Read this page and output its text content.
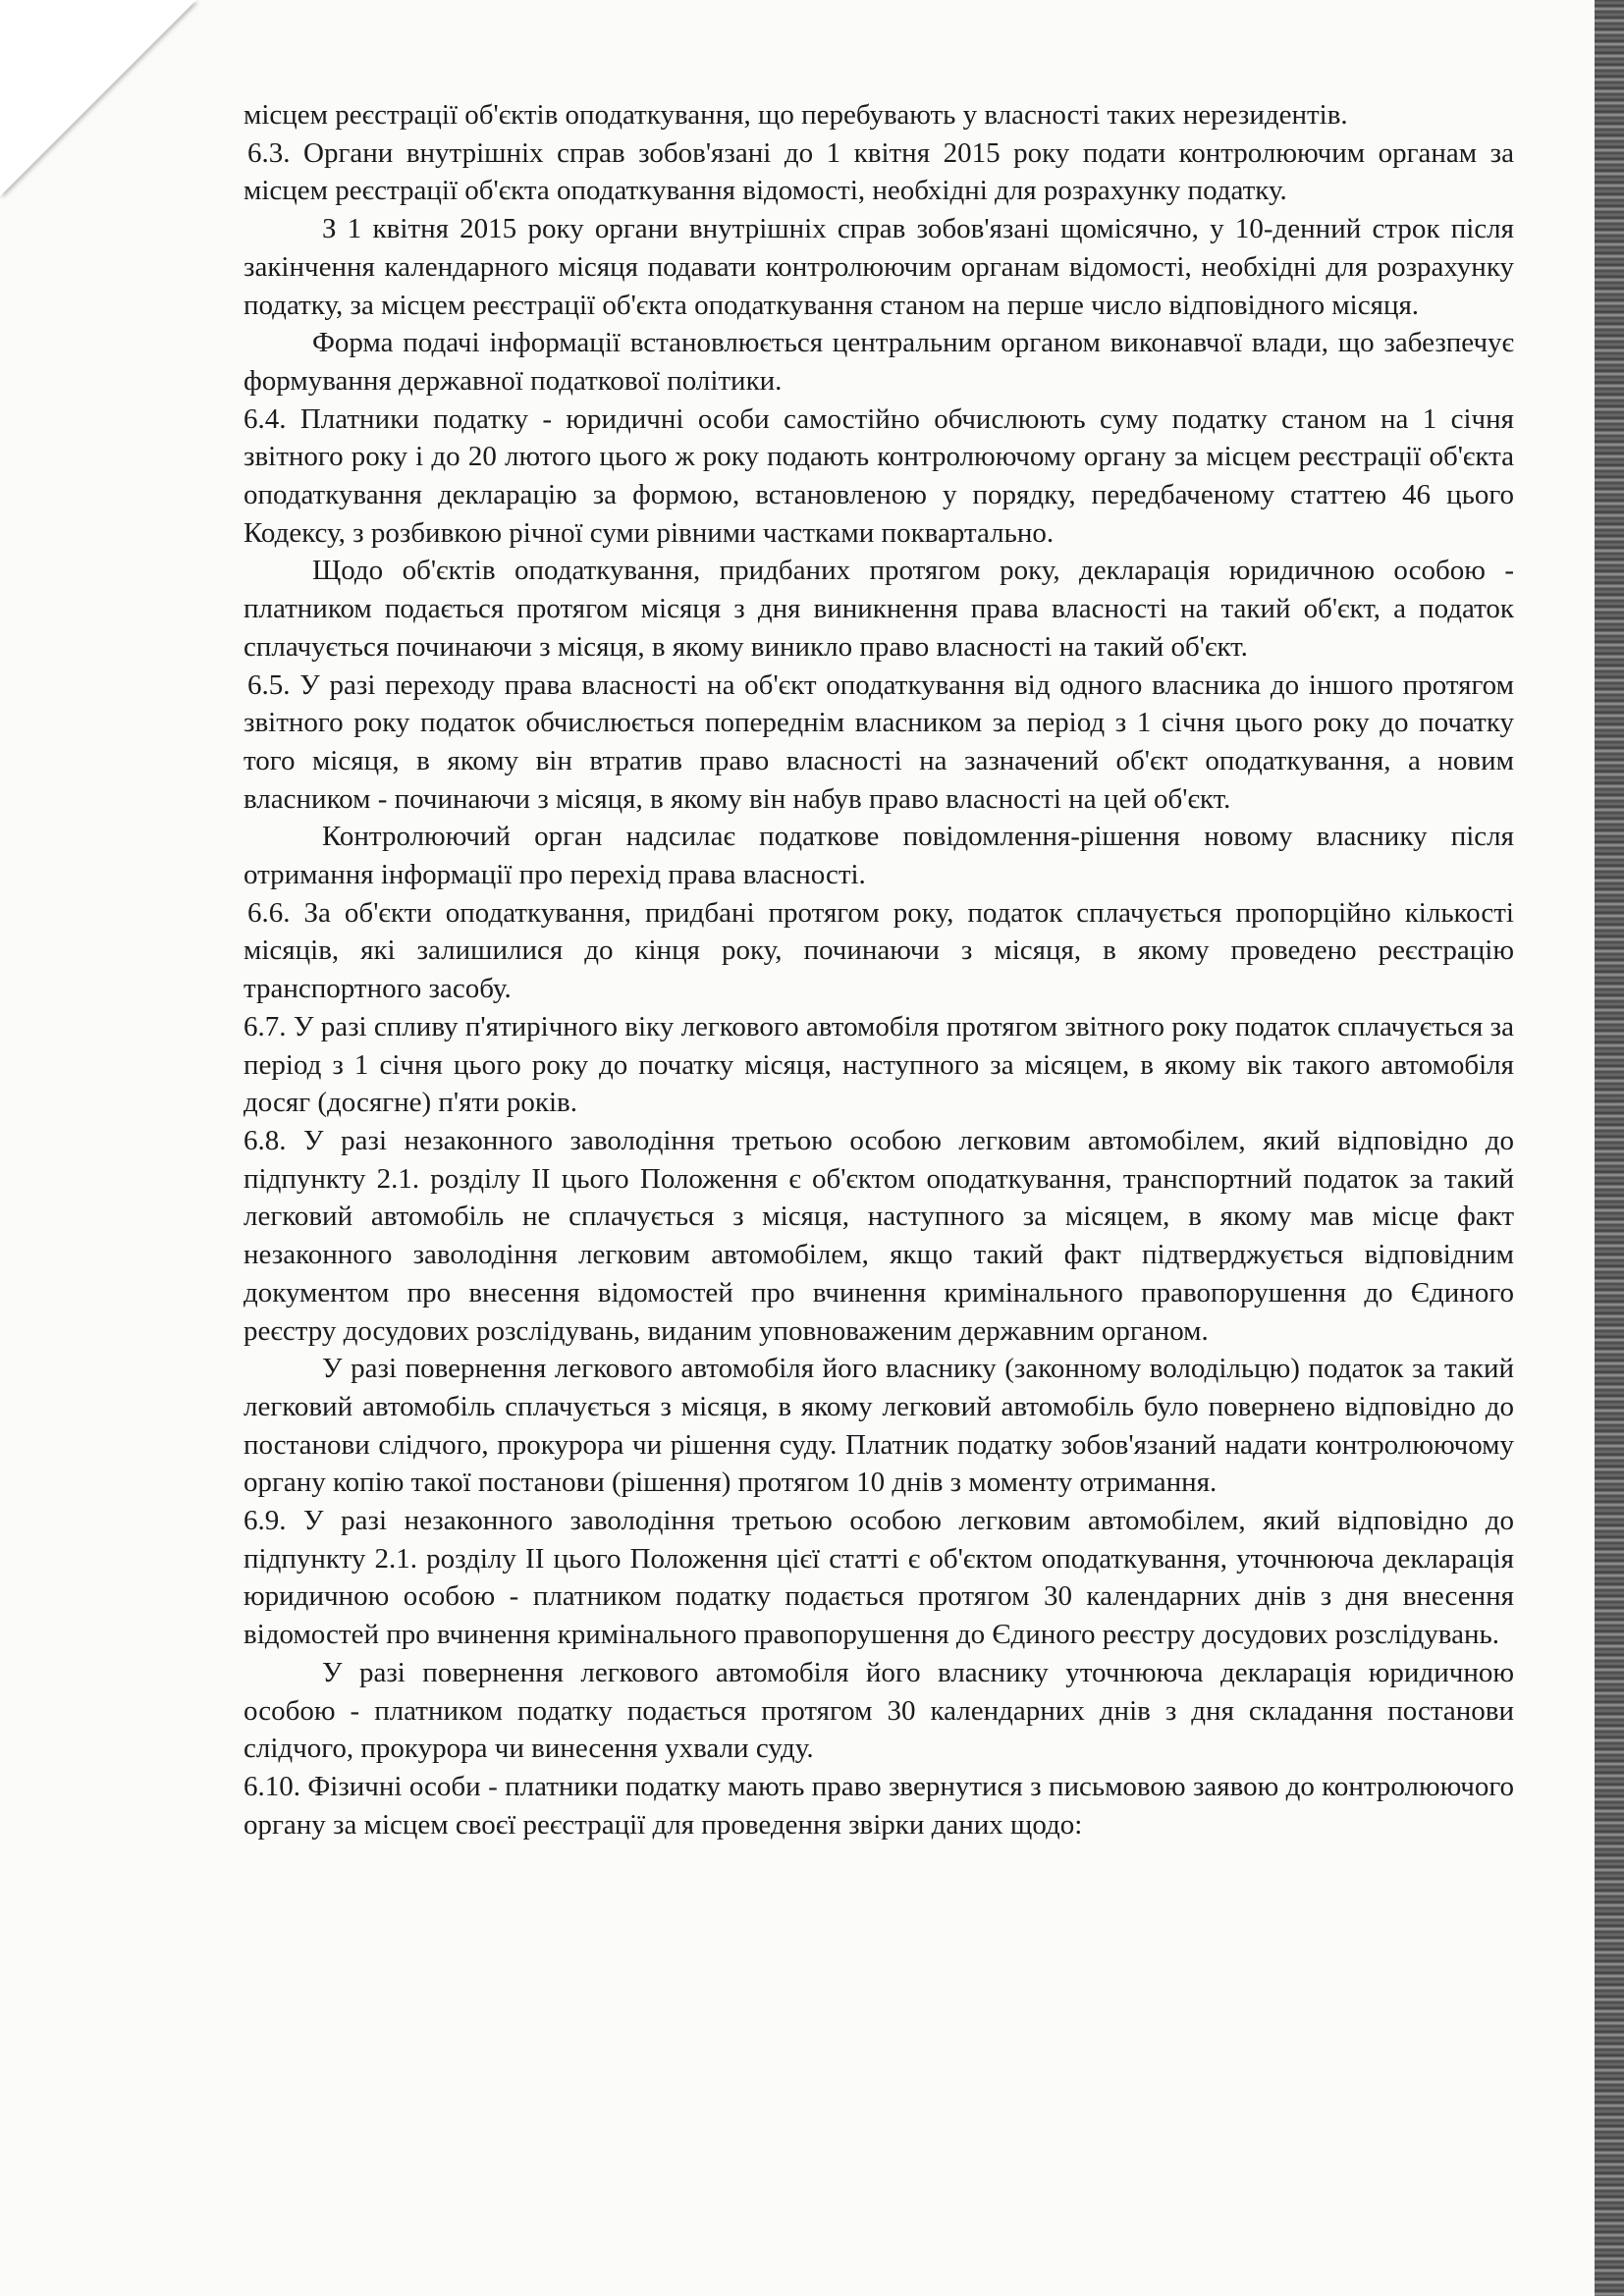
місцем реєстрації об'єктів оподаткування, що перебувають у власності таких нерезидентів.

6.3. Органи внутрішніх справ зобов'язані до 1 квітня 2015 року подати контролюючим органам за місцем реєстрації об'єкта оподаткування відомості, необхідні для розрахунку податку.

З 1 квітня 2015 року органи внутрішніх справ зобов'язані щомісячно, у 10-денний строк після закінчення календарного місяця подавати контролюючим органам відомості, необхідні для розрахунку податку, за місцем реєстрації об'єкта оподаткування станом на перше число відповідного місяця.

Форма подачі інформації встановлюється центральним органом виконавчої влади, що забезпечує формування державної податкової політики.

6.4. Платники податку - юридичні особи самостійно обчислюють суму податку станом на 1 січня звітного року і до 20 лютого цього ж року подають контролюючому органу за місцем реєстрації об'єкта оподаткування декларацію за формою, встановленою у порядку, передбаченому статтею 46 цього Кодексу, з розбивкою річної суми рівними частками поквартально.

Щодо об'єктів оподаткування, придбаних протягом року, декларація юридичною особою - платником подається протягом місяця з дня виникнення права власності на такий об'єкт, а податок сплачується починаючи з місяця, в якому виникло право власності на такий об'єкт.

6.5. У разі переходу права власності на об'єкт оподаткування від одного власника до іншого протягом звітного року податок обчислюється попереднім власником за період з 1 січня цього року до початку того місяця, в якому він втратив право власності на зазначений об'єкт оподаткування, а новим власником - починаючи з місяця, в якому він набув право власності на цей об'єкт.

Контролюючий орган надсилає податкове повідомлення-рішення новому власнику після отримання інформації про перехід права власності.

6.6. За об'єкти оподаткування, придбані протягом року, податок сплачується пропорційно кількості місяців, які залишилися до кінця року, починаючи з місяця, в якому проведено реєстрацію транспортного засобу.

6.7. У разі спливу п'ятирічного віку легкового автомобіля протягом звітного року податок сплачується за період з 1 січня цього року до початку місяця, наступного за місяцем, в якому вік такого автомобіля досяг (досягне) п'яти років.

6.8. У разі незаконного заволодіння третьою особою легковим автомобілем, який відповідно до підпункту 2.1. розділу II цього Положення є об'єктом оподаткування, транспортний податок за такий легковий автомобіль не сплачується з місяця, наступного за місяцем, в якому мав місце факт незаконного заволодіння легковим автомобілем, якщо такий факт підтверджується відповідним документом про внесення відомостей про вчинення кримінального правопорушення до Єдиного реєстру досудових розслідувань, виданим уповноваженим державним органом.

У разі повернення легкового автомобіля його власнику (законному володільцю) податок за такий легковий автомобіль сплачується з місяця, в якому легковий автомобіль було повернено відповідно до постанови слідчого, прокурора чи рішення суду. Платник податку зобов'язаний надати контролюючому органу копію такої постанови (рішення) протягом 10 днів з моменту отримання.

6.9. У разі незаконного заволодіння третьою особою легковим автомобілем, який відповідно до підпункту 2.1. розділу II цього Положення цієї статті є об'єктом оподаткування, уточнююча декларація юридичною особою - платником податку подається протягом 30 календарних днів з дня внесення відомостей про вчинення кримінального правопорушення до Єдиного реєстру досудових розслідувань.

У разі повернення легкового автомобіля його власнику уточнююча декларація юридичною особою - платником податку подається протягом 30 календарних днів з дня складання постанови слідчого, прокурора чи винесення ухвали суду.

6.10. Фізичні особи - платники податку мають право звернутися з письмовою заявою до контролюючого органу за місцем своєї реєстрації для проведення звірки даних щодо:
